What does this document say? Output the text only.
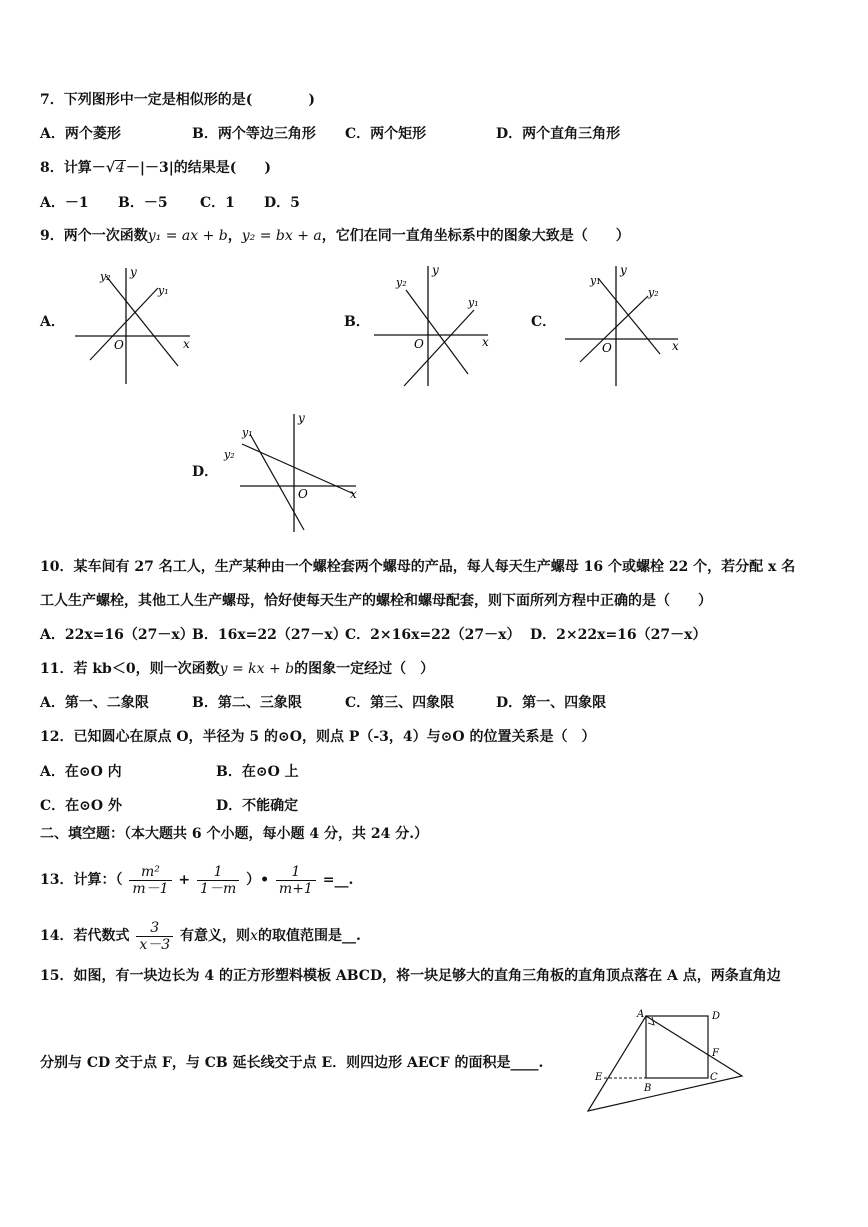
7．下列图形中一定是相似形的是(　　　　)
A．两个菱形	B．两个等边三角形 C．两个矩形	D．两个直角三角形
8．计算－√4－|－3|的结果是(　　)
A．－1 B．－5 C．1 D．5
9．两个一次函数y₁ = ax + b，y₂ = bx + a，它们在同一直角坐标系中的图象大致是（　　）
A．	B．	C．
D．
x
y
O
y₂
y₁
x
y
O
y₂
y₁
x
y
O
y₁
y₂
x
y
O
y₁
y₂
10．某车间有 27 名工人，生产某种由一个螺栓套两个螺母的产品，每人每天生产螺母 16 个或螺栓 22 个，若分配 x 名
工人生产螺栓，其他工人生产螺母，恰好使每天生产的螺栓和螺母配套，则下面所列方程中正确的是（　　）
A．22x=16（27－x）
B．16x=22（27－x）
C．2×16x=22（27－x） D．2×22x=16（27－x）
11．若 kb＜0，则一次函数y = kx + b的图象一定经过（　）
A．第一、二象限	B．第二、三象限	C．第三、四象限	D．第一、四象限
12．已知圆心在原点 O，半径为 5 的⊙O，则点 P（-3，4）与⊙O 的位置关系是（　）
A．在⊙O 内	B．在⊙O 上
C．在⊙O 外	D．不能确定
二、填空题：（本大题共 6 个小题，每小题 4 分，共 24 分.）
13．计算：（ $\frac{\text{m²}}{m-1} + \frac{1}{1-m}$ ）• $\frac{1}{m+1}$ =__.
14．若代数式 $\frac{3}{x-3}$ 有意义，则x的取值范围是__.
15．如图，有一块边长为 4 的正方形塑料模板 ABCD，将一块足够大的直角三角板的直角顶点落在 A 点，两条直角边
分别与 CD 交于点 F，与 CB 延长线交于点 E．则四边形 AECF 的面积是____.
A	D
F
E
B
C
